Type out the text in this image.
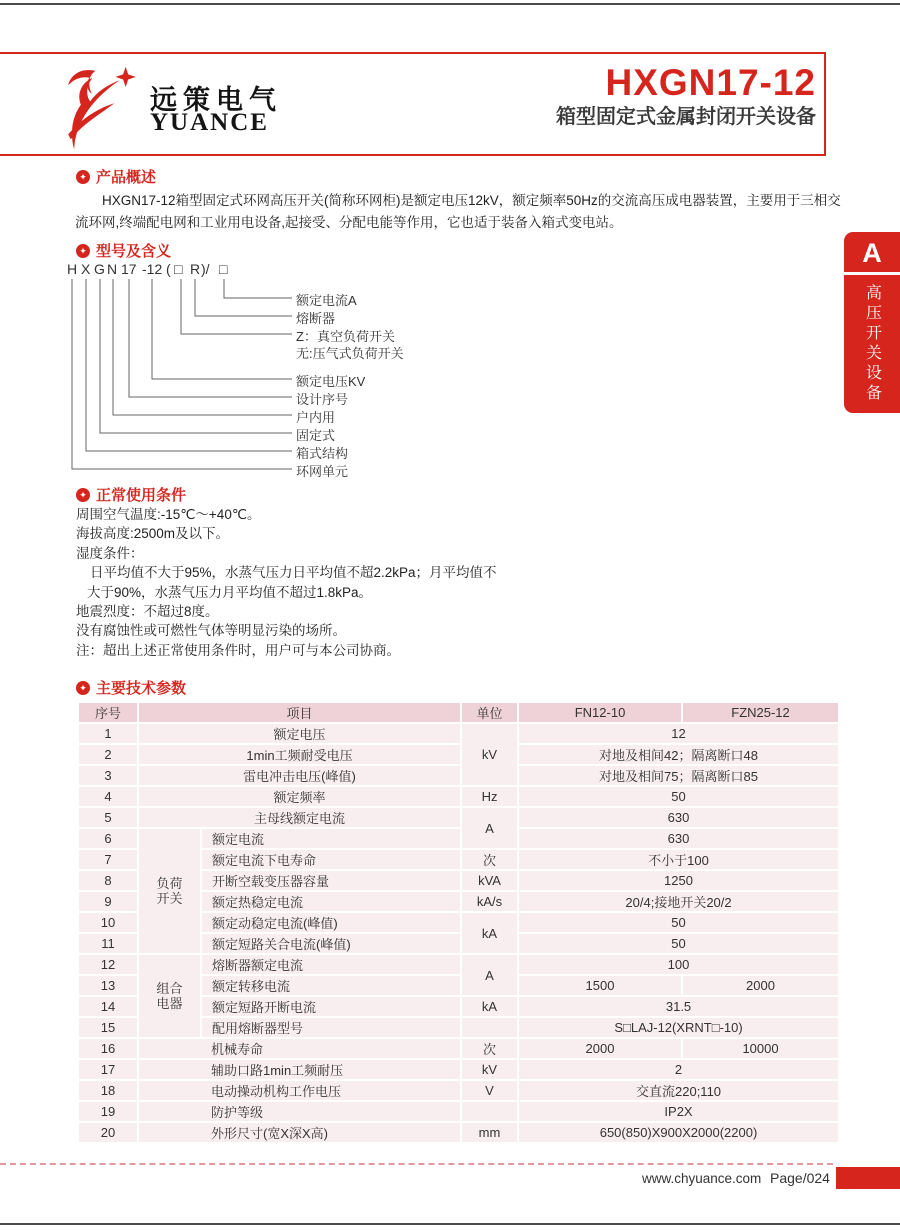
远策电气
YUANCE
HXGN17-12
箱型固定式金属封闭开关设备
A
高压开关设备
✦ 产品概述
HXGN17-12箱型固定式环网高压开关(简称环网柜)是额定电压12kV，额定频率50Hz的交流高压成电器装置，主要用于三相交流环网,终端配电网和工业用电设备,起接受、分配电能等作用，它也适于装备入箱式变电站。
✦ 型号及含义
H X G N 17 -12 ( □ R )/ □
额定电流A
熔断器
Z：真空负荷开关
无:压气式负荷开关
额定电压KV
设计序号
户内用
固定式
箱式结构
环网单元
✦ 正常使用条件
周围空气温度:-15℃～+40℃。
海拔高度:2500m及以下。
湿度条件：
日平均值不大于95%，水蒸气压力日平均值不超2.2kPa；月平均值不
大于90%，水蒸气压力月平均值不超过1.8kPa。
地震烈度：不超过8度。
没有腐蚀性或可燃性气体等明显污染的场所。
注：超出上述正常使用条件时，用户可与本公司协商。
✦ 主要技术参数
序号	项目		单位	FN12-10	FZN25-12
1	额定电压		kV	12	
2	1min工频耐受电压			对地及相间42；隔离断口48	
3	雷电冲击电压(峰值)			对地及相间75；隔离断口85	
4	额定频率		Hz	50	
5	主母线额定电流		A	630	
6	负荷开关	额定电流		630	
7		额定电流下电寿命	次	不小于100	
8		开断空载变压器容量	kVA	1250	
9		额定热稳定电流	kA/s	20/4;接地开关20/2	
10		额定动稳定电流(峰值)	kA	50	
11		额定短路关合电流(峰值)		50	
12	组合电器	熔断器额定电流	A	100	
13		额定转移电流		1500	2000
14		额定短路开断电流	kA	31.5	
15		配用熔断器型号		S□LAJ-12(XRNT□-10)	
16	机械寿命		次	2000	10000
17	辅助口路1min工频耐压		kV	2	
18	电动操动机构工作电压		V	交直流220;110	
19	防护等级			IP2X	
20	外形尺寸(宽X深X高)		mm	650(850)X900X2000(2200)	
www.chyuance.com Page/024
